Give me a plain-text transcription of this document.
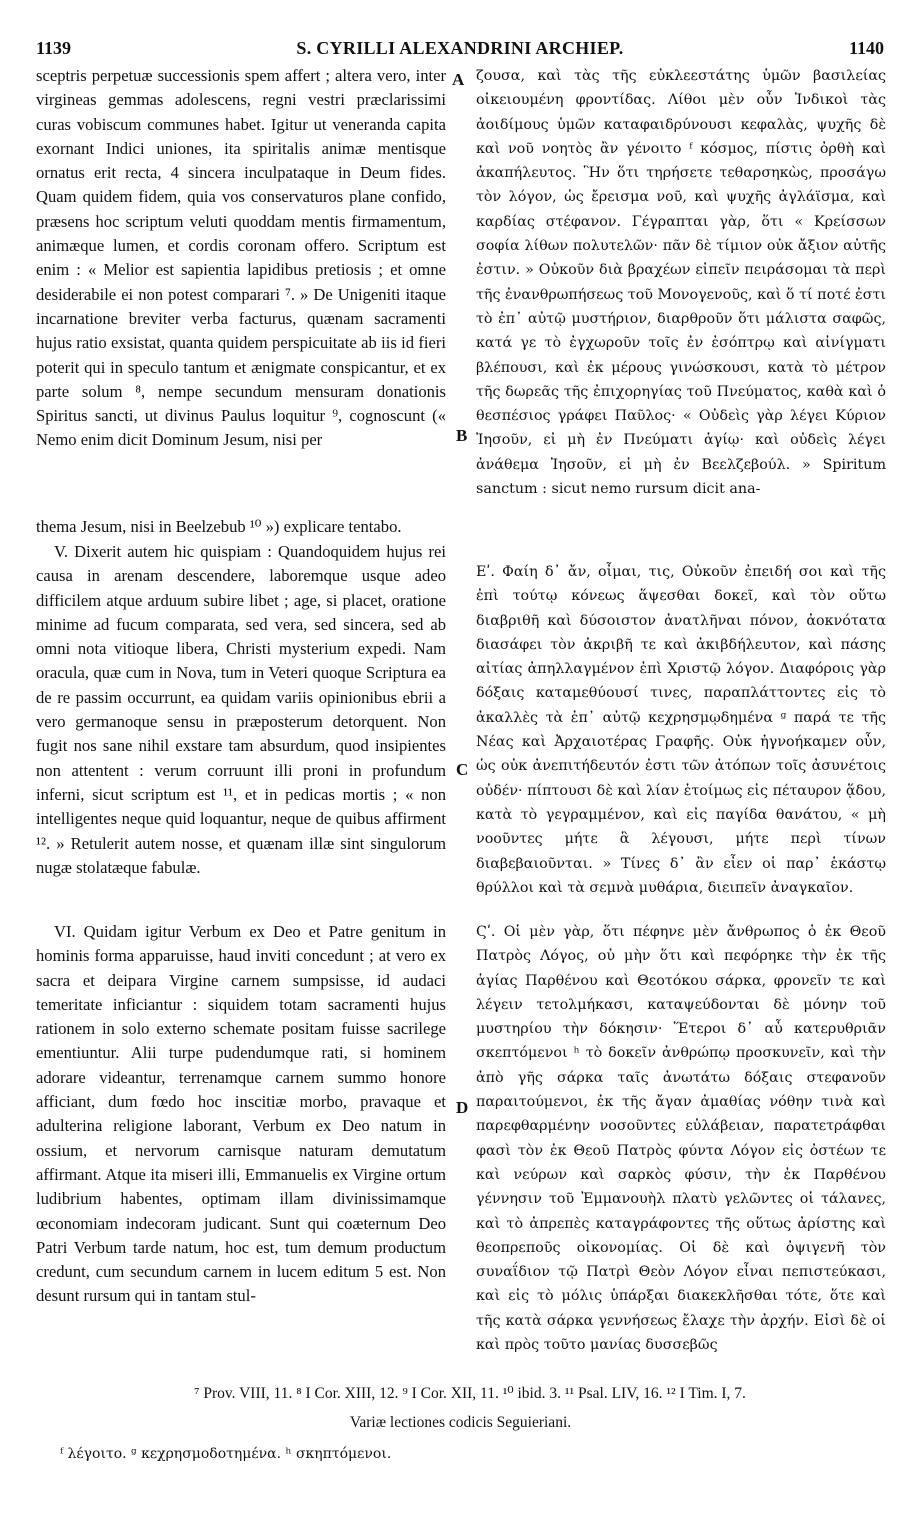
1139	S. CYRILLI ALEXANDRINI ARCHIEP.	1140
A
B
C
D

sceptris perpetuæ successionis spem affert ; altera vero, inter virgineas gemmas adolescens, regni vestri præclarissimi curas vobiscum communes habet. Igitur ut veneranda capita exornant Indici uniones, ita spiritalis animæ mentisque ornatus erit recta, 4 sincera inculpataque in Deum fides. Quam quidem fidem, quia vos conservaturos plane confido, præsens hoc scriptum veluti quoddam mentis firmamentum, animæque lumen, et cordis coronam offero. Scriptum est enim : « Melior est sapientia lapidibus pretiosis ; et omne desiderabile ei non potest comparari ⁷. » De Unigeniti itaque incarnatione breviter verba facturus, quænam sacramenti hujus ratio exsistat, quanta quidem perspicuitate ab iis id fieri poterit qui in speculo tantum et ænigmate conspicantur, et ex parte solum ⁸, nempe secundum mensuram donationis Spiritus sancti, ut divinus Paulus loquitur ⁹, cognoscunt (« Nemo enim dicit Dominum Jesum, nisi per

thema Jesum, nisi in Beelzebub ¹⁰ ») explicare tentabo.

V. Dixerit autem hic quispiam : Quandoquidem hujus rei causa in arenam descendere, laboremque usque adeo difficilem atque arduum subire libet ; age, si placet, oratione minime ad fucum comparata, sed vera, sed sincera, sed ab omni nota vitioque libera, Christi mysterium expedi. Nam oracula, quæ cum in Nova, tum in Veteri quoque Scriptura ea de re passim occurrunt, ea quidam variis opinionibus ebrii a vero germanoque sensu in præposterum detorquent. Non fugit nos sane nihil exstare tam absurdum, quod insipientes non attentent : verum corruunt illi proni in profundum inferni, sicut scriptum est ¹¹, et in pedicas mortis ; « non intelligentes neque quid loquantur, neque de quibus affirment ¹². » Retulerit autem nosse, et quænam illæ sint singulorum nugæ stolatæque fabulæ.

VI. Quidam igitur Verbum ex Deo et Patre genitum in hominis forma apparuisse, haud inviti concedunt ; at vero ex sacra et deipara Virgine carnem sumpsisse, id audaci temeritate inficiantur : siquidem totam sacramenti hujus rationem in solo externo schemate positam fuisse sacrilege ementiuntur. Alii turpe pudendumque rati, si hominem adorare videantur, terrenamque carnem summo honore afficiant, dum fœdo hoc inscitiæ morbo, pravaque et adulterina religione laborant, Verbum ex Deo natum in ossium, et nervorum carnisque naturam demutatum affirmant. Atque ita miseri illi, Emmanuelis ex Virgine ortum ludibrium habentes, optimam illam divinissimamque œconomiam indecoram judicant. Sunt qui coæternum Deo Patri Verbum tarde natum, hoc est, tum demum productum credunt, cum secundum carnem in lucem editum 5 est. Non desunt rursum qui in tantam stul-

ζουσα, καὶ τὰς τῆς εὐκλεεστάτης ὑμῶν βασιλείας οἰκειουμένη φροντίδας. Λίθοι μὲν οὖν Ἰνδικοὶ τὰς ἀοιδίμους ὑμῶν καταφαιδρύνουσι κεφαλὰς, ψυχῆς δὲ καὶ νοῦ νοητὸς ἂν γένοιτο ᶠ κόσμος, πίστις ὀρθὴ καὶ ἀκαπήλευτος. Ἣν ὅτι τηρήσετε τεθαρσηκὼς, προσάγω τὸν λόγον, ὡς ἔρεισμα νοῦ, καὶ ψυχῆς ἀγλάϊσμα, καὶ καρδίας στέφανον. Γέγραπται γὰρ, ὅτι « Κρείσσων σοφία λίθων πολυτελῶν· πᾶν δὲ τίμιον οὐκ ἄξιον αὐτῆς ἐστιν. » Οὐκοῦν διὰ βραχέων εἰπεῖν πειράσομαι τὰ περὶ τῆς ἐνανθρωπήσεως τοῦ Μονογενοῦς, καὶ ὅ τί ποτέ ἐστι τὸ ἐπ᾽ αὐτῷ μυστήριον, διαρθροῦν ὅτι μάλιστα σαφῶς, κατά γε τὸ ἐγχωροῦν τοῖς ἐν ἐσόπτρῳ καὶ αἰνίγματι βλέπουσι, καὶ ἐκ μέρους γινώσκουσι, κατὰ τὸ μέτρον τῆς δωρεᾶς τῆς ἐπιχορηγίας τοῦ Πνεύματος, καθὰ καὶ ὁ θεσπέσιος γράφει Παῦλος· « Οὐδεὶς γὰρ λέγει Κύριον Ἰησοῦν, εἰ μὴ ἐν Πνεύματι ἁγίῳ· καὶ οὐδεὶς λέγει ἀνάθεμα Ἰησοῦν, εἰ μὴ ἐν Βεελζεβούλ. » Spiritum sanctum : sicut nemo rursum dicit ana-

Εʹ. Φαίη δ᾽ ἄν, οἶμαι, τις, Οὐκοῦν ἐπειδή σοι καὶ τῆς ἐπὶ τούτῳ κόνεως ἅψεσθαι δοκεῖ, καὶ τὸν οὕτω διαβριθῆ καὶ δύσοιστον ἀνατλῆναι πόνον, ἀοκνότατα διασάφει τὸν ἀκριβῆ τε καὶ ἀκιβδήλευτον, καὶ πάσης αἰτίας ἀπηλλαγμένον ἐπὶ Χριστῷ λόγον. Διαφόροις γὰρ δόξαις καταμεθύουσί τινες, παραπλάττοντες εἰς τὸ ἀκαλλὲς τὰ ἐπ᾽ αὐτῷ κεχρησμῳδημένα ᵍ παρά τε τῆς Νέας καὶ Ἀρχαιοτέρας Γραφῆς. Οὐκ ἠγνοήκαμεν οὖν, ὡς οὐκ ἀνεπιτήδευτόν ἐστι τῶν ἀτόπων τοῖς ἀσυνέτοις οὐδέν· πίπτουσι δὲ καὶ λίαν ἑτοίμως εἰς πέταυρον ᾅδου, κατὰ τὸ γεγραμμένον, καὶ εἰς παγίδα θανάτου, « μὴ νοοῦντες μήτε ἃ λέγουσι, μήτε περὶ τίνων διαβεβαιοῦνται. » Τίνες δ᾽ ἂν εἶεν οἱ παρ᾽ ἑκάστῳ θρύλλοι καὶ τὰ σεμνὰ μυθάρια, διειπεῖν ἀναγκαῖον.

Ϛʹ. Οἱ μὲν γὰρ, ὅτι πέφηνε μὲν ἄνθρωπος ὁ ἐκ Θεοῦ Πατρὸς Λόγος, οὐ μὴν ὅτι καὶ πεφόρηκε τὴν ἐκ τῆς ἁγίας Παρθένου καὶ Θεοτόκου σάρκα, φρονεῖν τε καὶ λέγειν τετολμήκασι, καταψεύδονται δὲ μόνην τοῦ μυστηρίου τὴν δόκησιν· Ἕτεροι δ᾽ αὖ κατερυθριᾶν σκεπτόμενοι ʰ τὸ δοκεῖν ἀνθρώπῳ προσκυνεῖν, καὶ τὴν ἀπὸ γῆς σάρκα ταῖς ἀνωτάτω δόξαις στεφανοῦν παραιτούμενοι, ἐκ τῆς ἄγαν ἀμαθίας νόθην τινὰ καὶ παρεφθαρμένην νοσοῦντες εὐλάβειαν, παρατετράφθαι φασὶ τὸν ἐκ Θεοῦ Πατρὸς φύντα Λόγον εἰς ὀστέων τε καὶ νεύρων καὶ σαρκὸς φύσιν, τὴν ἐκ Παρθένου γέννησιν τοῦ Ἐμμανουὴλ πλατὺ γελῶντες οἱ τάλανες, καὶ τὸ ἀπρεπὲς καταγράφοντες τῆς οὕτως ἀρίστης καὶ θεοπρεποῦς οἰκονομίας. Οἱ δὲ καὶ ὀψιγενῆ τὸν συναΐδιον τῷ Πατρὶ Θεὸν Λόγον εἶναι πεπιστεύκασι, καὶ εἰς τὸ μόλις ὑπάρξαι διακεκλῆσθαι τότε, ὅτε καὶ τῆς κατὰ σάρκα γεννήσεως ἔλαχε τὴν ἀρχήν. Εἰσὶ δὲ οἱ καὶ πρὸς τοῦτο μανίας δυσσεβῶς

⁷ Prov. VIII, 11. ⁸ I Cor. XIII, 12. ⁹ I Cor. XII, 11. ¹⁰ ibid. 3. ¹¹ Psal. LIV, 16. ¹² I Tim. I, 7.
Variæ lectiones codicis Seguieriani.
ᶠ λέγοιτο. ᵍ κεχρησμοδοτημένα. ʰ σκηπτόμενοι.
